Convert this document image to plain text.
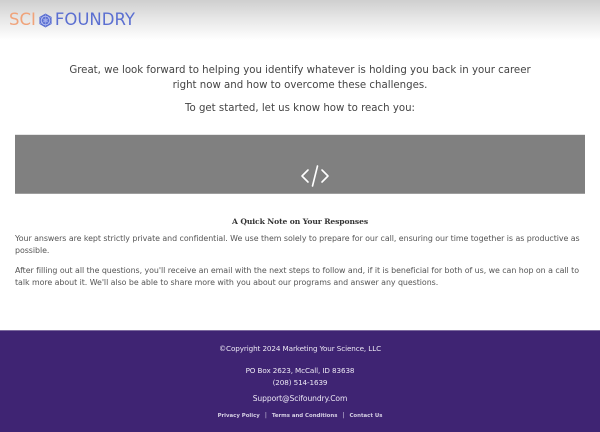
SCI FOUNDRY
Great, we look forward to helping you identify whatever is holding you back in your career
right now and how to overcome these challenges.
To get started, let us know how to reach you:
A Quick Note on Your Responses
Your answers are kept strictly private and confidential. We use them solely to prepare for our call, ensuring our time together is as productive as possible.
After filling out all the questions, you'll receive an email with the next steps to follow and, if it is beneficial for both of us, we can hop on a call to talk more about it. We'll also be able to share more with you about our programs and answer any questions.
©Copyright 2024 Marketing Your Science, LLC
PO Box 2623, McCall, ID 83638
(208) 514-1639
Support@Scifoundry.Com
Privacy Policy | Terms and Conditions | Contact Us
